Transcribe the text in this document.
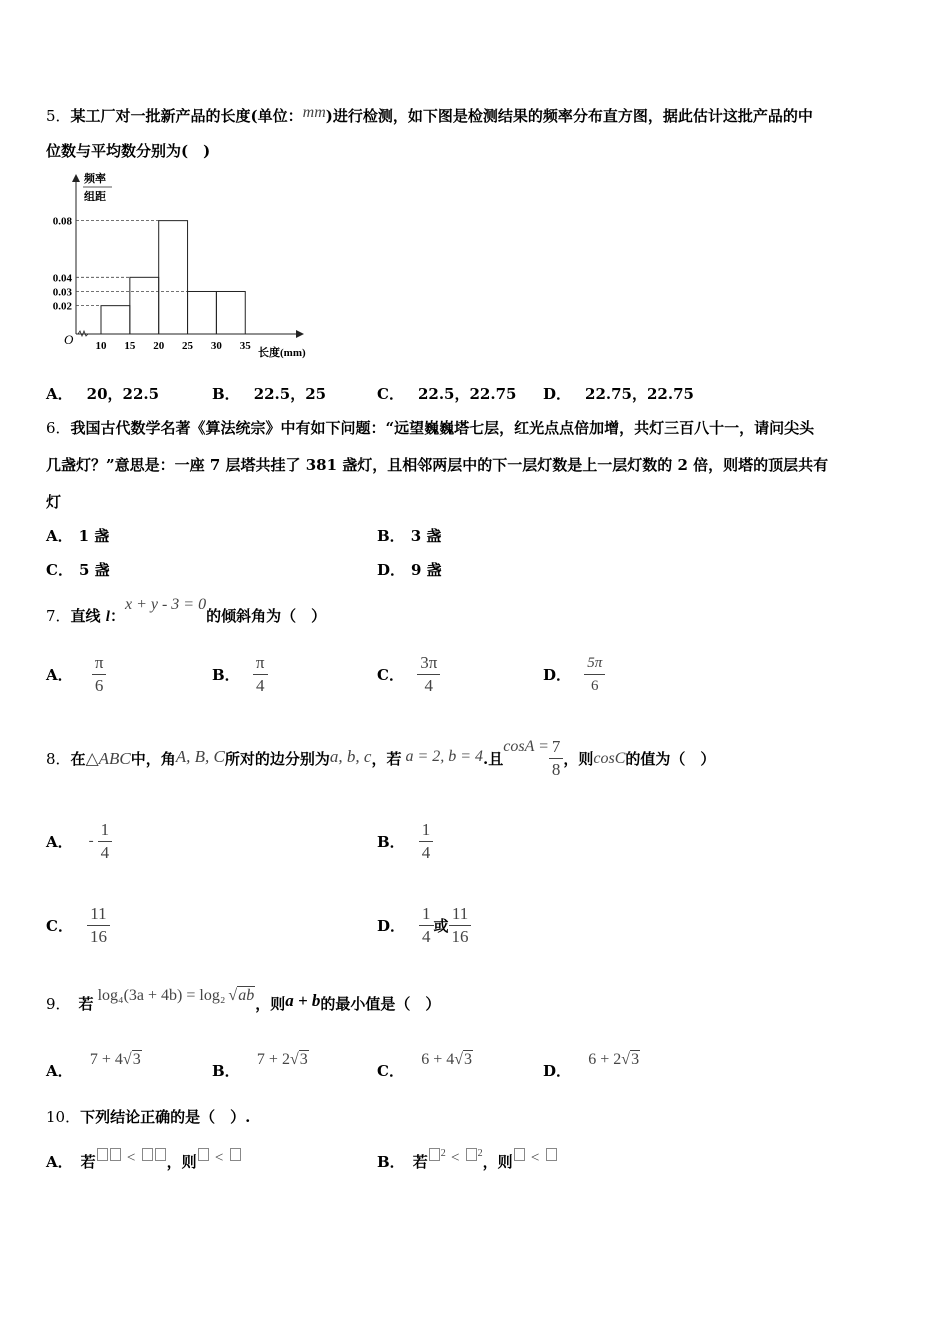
5．某工厂对一批新产品的长度(单位：mm)进行检测，如下图是检测结果的频率分布直方图，据此估计这批产品的中
位数与平均数分别为(　)
0.08
0.04
0.03
0.02
10 15 20 25 30 35
频率
组距
长度(mm)
O
A． 20，22.5	B． 22.5，25	C． 22.5，22.75 D． 22.75，22.75
6．我国古代数学名著《算法统宗》中有如下问题：“远望巍巍塔七层，红光点点倍加增，共灯三百八十一，请问尖头
几盏灯？”意思是：一座 7 层塔共挂了 381 盏灯，且相邻两层中的下一层灯数是上一层灯数的 2 倍，则塔的顶层共有
灯
A． 1 盏	B． 3 盏
C． 5 盏	D． 9 盏
7．直线 l：x + y - 3 = 0的倾斜角为（　）
A． $\frac{\pi}{6}$	B． $\frac{\pi}{4}$	C． $\frac{3\pi}{4}$	D． $\frac{5\pi}{6}$
8． 在 △ABC 中，角 A, B, C 所对的边分别为 a, b, c ，若 a = 2, b = 4 .且
$\cos A = \frac{7}{8}$ ，则 cosC 的值为（　）
A． - $\frac{1}{4}$	B． $\frac{1}{4}$
C． $\frac{11}{16}$	D． $\frac{1}{4}$ 或 $\frac{11}{16}$
9． 若 log₄(3a + 4b) = log₂ √ab ，则 a + b 的最小值是（　）
A． 7 + 4√3
B． 7 + 2√3
C． 6 + 4√3
D． 6 + 2√3
10．下列结论正确的是（　）.
A． 若 < ，则 <	B． 若 $^2$ < $^2$，则 <
